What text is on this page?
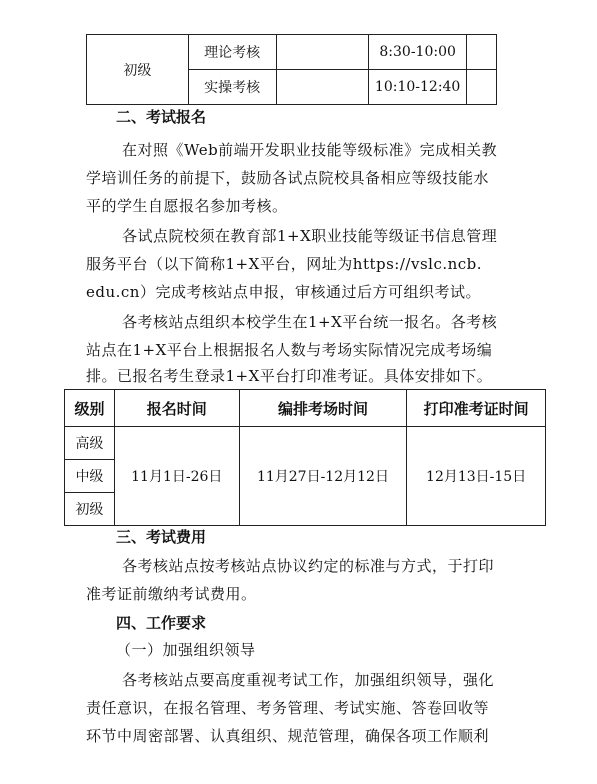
初级	理论考核		8:30-10:00	
	实操考核		10:10-12:40	
二、考试报名
在对照《Web前端开发职业技能等级标准》完成相关教
学培训任务的前提下，鼓励各试点院校具备相应等级技能水
平的学生自愿报名参加考核。
各试点院校须在教育部1+X职业技能等级证书信息管理
服务平台（以下简称1+X平台，网址为https://vslc.ncb.
edu.cn）完成考核站点申报，审核通过后方可组织考试。
各考核站点组织本校学生在1+X平台统一报名。各考核
站点在1+X平台上根据报名人数与考场实际情况完成考场编
排。已报名考生登录1+X平台打印准考证。具体安排如下。
级别	报名时间	编排考场时间	打印准考证时间
高级	11月1日-26日	11月27日-12月12日	12月13日-15日
中级			
初级			
三、考试费用
各考核站点按考核站点协议约定的标准与方式，于打印
准考证前缴纳考试费用。
四、工作要求
（一）加强组织领导
各考核站点要高度重视考试工作，加强组织领导，强化
责任意识，在报名管理、考务管理、考试实施、答卷回收等
环节中周密部署、认真组织、规范管理，确保各项工作顺利
